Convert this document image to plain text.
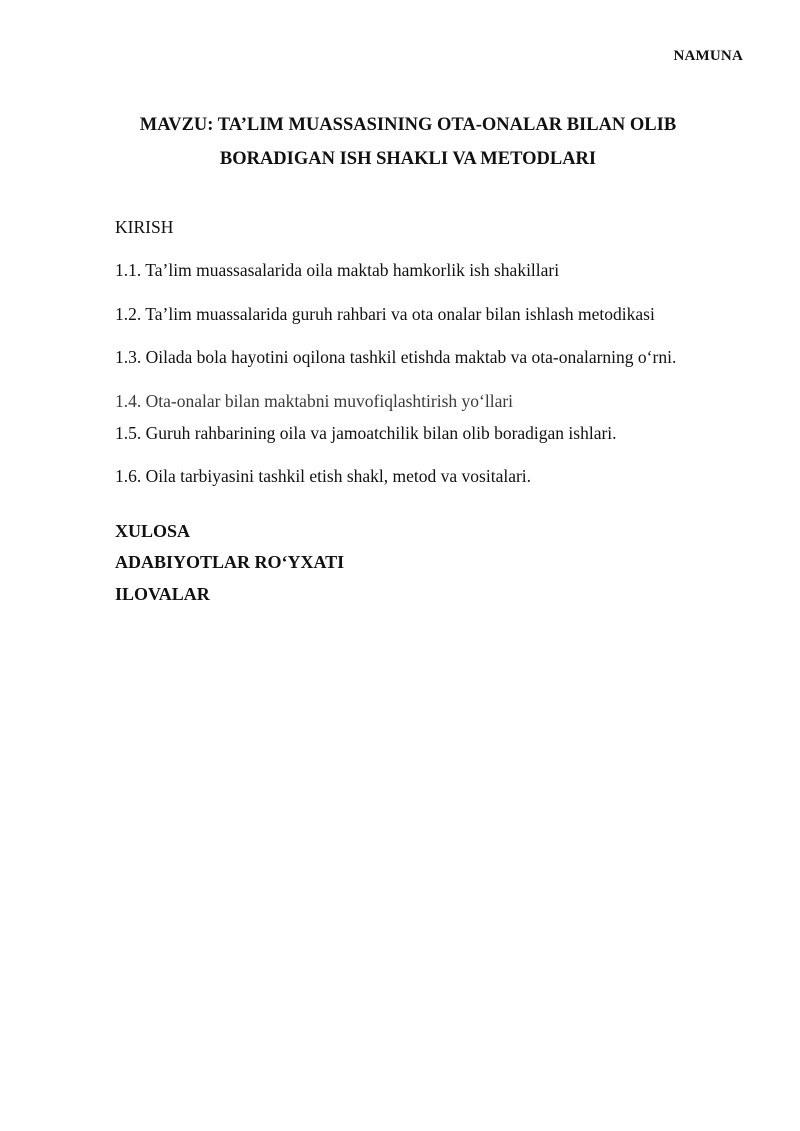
NAMUNA
MAVZU: TA’LIM MUASSASINING OTA-ONALAR BILAN OLIB
BORADIGAN ISH SHAKLI VA METODLARI
KIRISH
1.1. Ta’lim muassasalarida oila maktab hamkorlik ish shakillari
1.2. Ta’lim muassalarida guruh rahbari va ota onalar bilan ishlash metodikasi
1.3. Oilada bola hayotini oqilona tashkil etishda maktab va ota-onalarning o‘rni.
1.4. Ota-onalar bilan maktabni muvofiqlashtirish yo‘llari
1.5. Guruh rahbarining oila va jamoatchilik bilan olib boradigan ishlari.
1.6. Oila tarbiyasini tashkil etish shakl, metod va vositalari.
XULOSA
ADABIYOTLAR RO‘YXATI
ILOVALAR
